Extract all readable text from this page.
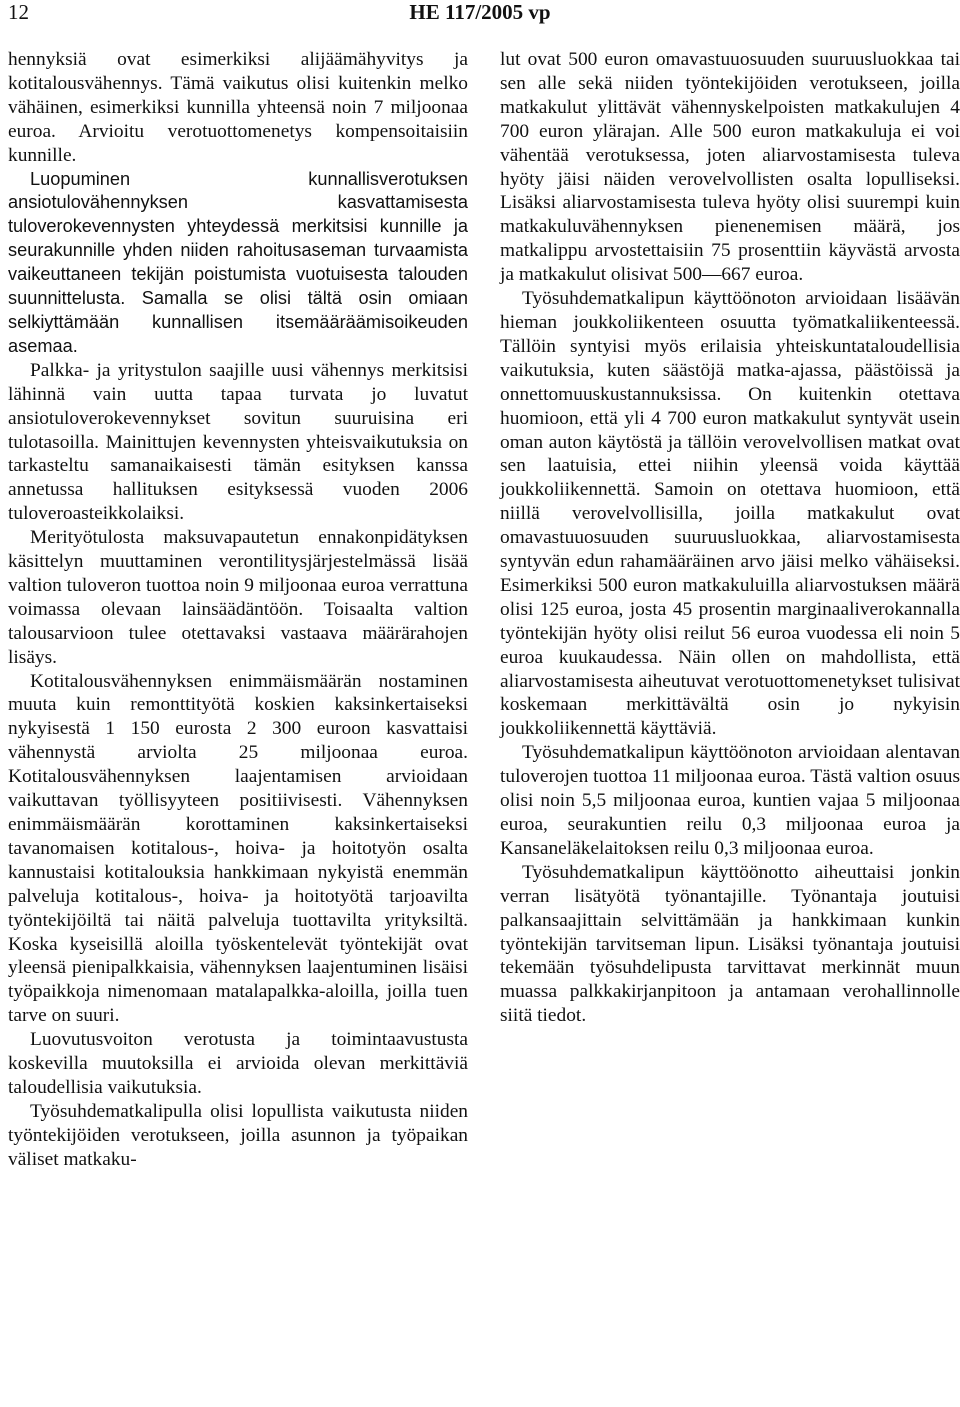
12	HE 117/2005 vp

hennyksiä ovat esimerkiksi alijäämähyvitys ja kotitalousvähennys. Tämä vaikutus olisi kuitenkin melko vähäinen, esimerkiksi kunnilla yhteensä noin 7 miljoonaa euroa. Arvioitu verotuottomenetys kompensoitaisiin kunnille.

Luopuminen kunnallisverotuksen ansiotulovähennyksen kasvattamisesta tuloverokevennysten yhteydessä merkitsisi kunnille ja seurakunnille yhden niiden rahoitusaseman turvaamista vaikeuttaneen tekijän poistumista vuotuisesta talouden suunnittelusta. Samalla se olisi tältä osin omiaan selkiyttämään kunnallisen itsemääräämisoikeuden asemaa.

Palkka- ja yritystulon saajille uusi vähennys merkitsisi lähinnä vain uutta tapaa turvata jo luvatut ansiotuloverokevennykset sovitun suuruisina eri tulotasoilla. Mainittujen kevennysten yhteisvaikutuksia on tarkasteltu samanaikaisesti tämän esityksen kanssa annetussa hallituksen esityksessä vuoden 2006 tuloveroasteikkolaiksi.

Merityötulosta maksuvapautetun ennakonpidätyksen käsittelyn muuttaminen verontilitysjärjestelmässä lisää valtion tuloveron tuottoa noin 9 miljoonaa euroa verrattuna voimassa olevaan lainsäädäntöön. Toisaalta valtion talousarvioon tulee otettavaksi vastaava määrärahojen lisäys.

Kotitalousvähennyksen enimmäismäärän nostaminen muuta kuin remonttityötä koskien kaksinkertaiseksi nykyisestä 1 150 eurosta 2 300 euroon kasvattaisi vähennystä arviolta 25 miljoonaa euroa. Kotitalousvähennyksen laajentamisen arvioidaan vaikuttavan työllisyyteen positiivisesti. Vähennyksen enimmäismäärän korottaminen kaksinkertaiseksi tavanomaisen kotitalous-, hoiva- ja hoitotyön osalta kannustaisi kotitalouksia hankkimaan nykyistä enemmän palveluja kotitalous-, hoiva- ja hoitotyötä tarjoavilta työntekijöiltä tai näitä palveluja tuottavilta yrityksiltä. Koska kyseisillä aloilla työskentelevät työntekijät ovat yleensä pienipalkkaisia, vähennyksen laajentuminen lisäisi työpaikkoja nimenomaan matalapalkka-aloilla, joilla tuen tarve on suuri.

Luovutusvoiton verotusta ja toimintaavustusta koskevilla muutoksilla ei arvioida olevan merkittäviä taloudellisia vaikutuksia.

Työsuhdematkalipulla olisi lopullista vaikutusta niiden työntekijöiden verotukseen, joilla asunnon ja työpaikan väliset matkaku-

lut ovat 500 euron omavastuuosuuden suuruusluokkaa tai sen alle sekä niiden työntekijöiden verotukseen, joilla matkakulut ylittävät vähennyskelpoisten matkakulujen 4 700 euron ylärajan. Alle 500 euron matkakuluja ei voi vähentää verotuksessa, joten aliarvostamisesta tuleva hyöty jäisi näiden verovelvollisten osalta lopulliseksi. Lisäksi aliarvostamisesta tuleva hyöty olisi suurempi kuin matkakuluvähennyksen pienenemisen määrä, jos matkalippu arvostettaisiin 75 prosenttiin käyvästä arvosta ja matkakulut olisivat 500—667 euroa.

Työsuhdematkalipun käyttöönoton arvioidaan lisäävän hieman joukkoliikenteen osuutta työmatkaliikenteessä. Tällöin syntyisi myös erilaisia yhteiskuntataloudellisia vaikutuksia, kuten säästöjä matka-ajassa, päästöissä ja onnettomuuskustannuksissa. On kuitenkin otettava huomioon, että yli 4 700 euron matkakulut syntyvät usein oman auton käytöstä ja tällöin verovelvollisen matkat ovat sen laatuisia, ettei niihin yleensä voida käyttää joukkoliikennettä. Samoin on otettava huomioon, että niillä verovelvollisilla, joilla matkakulut ovat omavastuuosuuden suuruusluokkaa, aliarvostamisesta syntyvän edun rahamääräinen arvo jäisi melko vähäiseksi. Esimerkiksi 500 euron matkakuluilla aliarvostuksen määrä olisi 125 euroa, josta 45 prosentin marginaaliverokannalla työntekijän hyöty olisi reilut 56 euroa vuodessa eli noin 5 euroa kuukaudessa. Näin ollen on mahdollista, että aliarvostamisesta aiheutuvat verotuottomenetykset tulisivat koskemaan merkittävältä osin jo nykyisin joukkoliikennettä käyttäviä.

Työsuhdematkalipun käyttöönoton arvioidaan alentavan tuloverojen tuottoa 11 miljoonaa euroa. Tästä valtion osuus olisi noin 5,5 miljoonaa euroa, kuntien vajaa 5 miljoonaa euroa, seurakuntien reilu 0,3 miljoonaa euroa ja Kansaneläkelaitoksen reilu 0,3 miljoonaa euroa.

Työsuhdematkalipun käyttöönotto aiheuttaisi jonkin verran lisätyötä työnantajille. Työnantaja joutuisi palkansaajittain selvittämään ja hankkimaan kunkin työntekijän tarvitseman lipun. Lisäksi työnantaja joutuisi tekemään työsuhdelipusta tarvittavat merkinnät muun muassa palkkakirjanpitoon ja antamaan verohallinnolle siitä tiedot.
